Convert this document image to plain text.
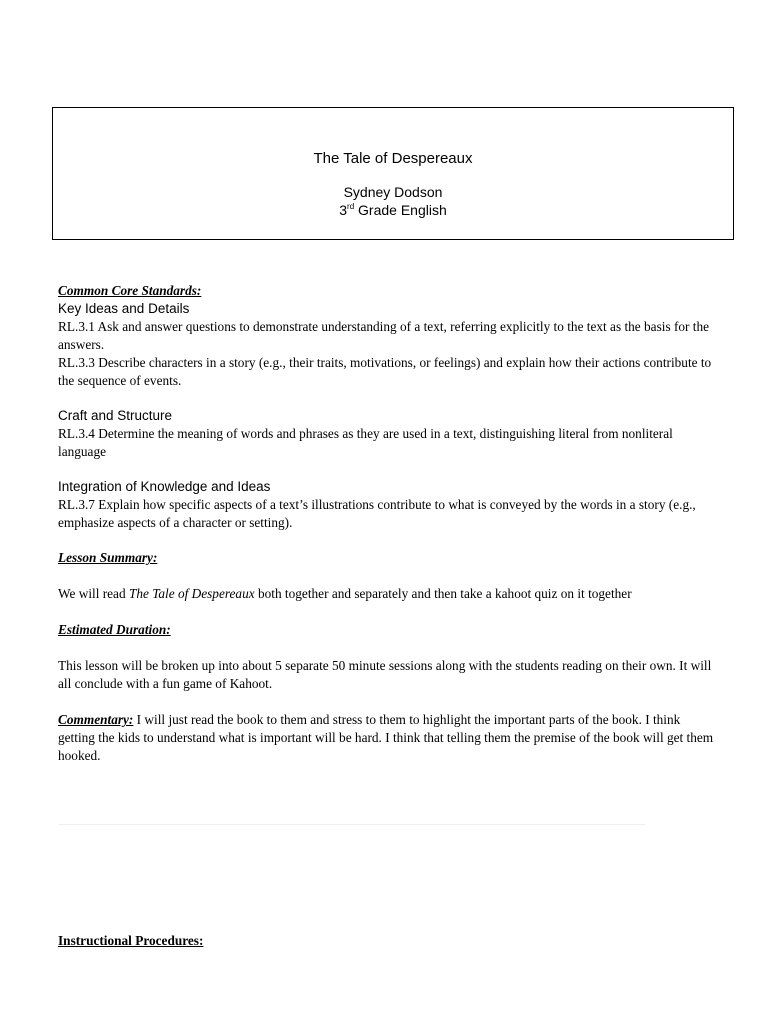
The Tale of Despereaux
Sydney Dodson
3rd Grade English

Common Core Standards:

Key Ideas and Details

RL.3.1 Ask and answer questions to demonstrate understanding of a text, referring explicitly to the text as the basis for the answers.

RL.3.3 Describe characters in a story (e.g., their traits, motivations, or feelings) and explain how their actions contribute to the sequence of events.

Craft and Structure

RL.3.4 Determine the meaning of words and phrases as they are used in a text, distinguishing literal from nonliteral language

Integration of Knowledge and Ideas

RL.3.7 Explain how specific aspects of a text’s illustrations contribute to what is conveyed by the words in a story (e.g., emphasize aspects of a character or setting).

Lesson Summary:

We will read The Tale of Despereaux both together and separately and then take a kahoot quiz on it together

Estimated Duration:

This lesson will be broken up into about 5 separate 50 minute sessions along with the students reading on their own. It will all conclude with a fun game of Kahoot.

Commentary: I will just read the book to them and stress to them to highlight the important parts of the book. I think getting the kids to understand what is important will be hard. I think that telling them the premise of the book will get them hooked.

Instructional Procedures:
